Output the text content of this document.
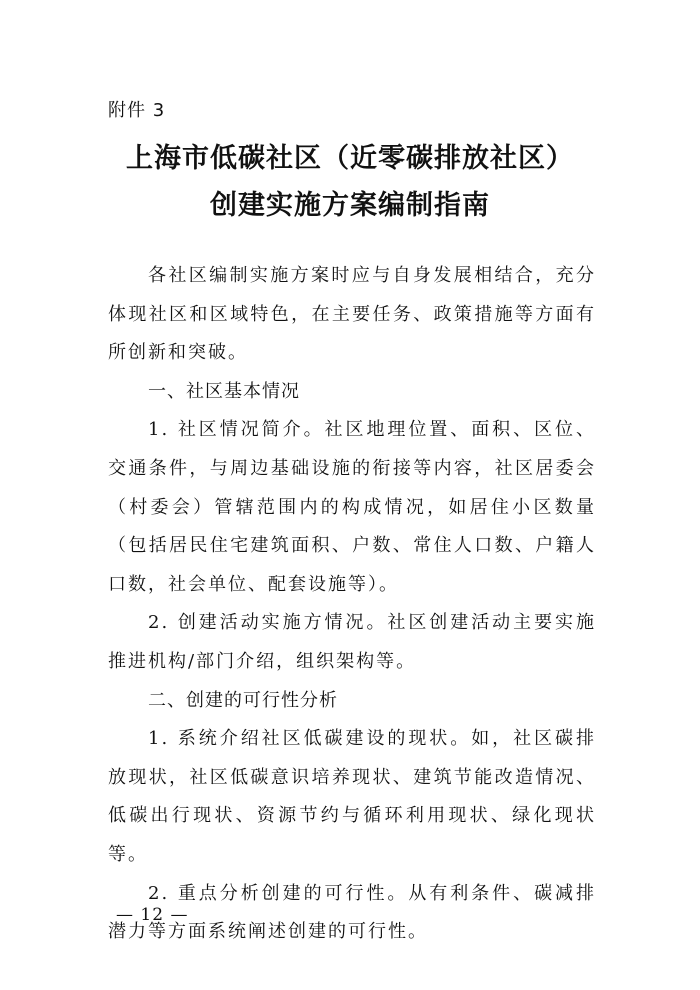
附件 3
上海市低碳社区（近零碳排放社区）
创建实施方案编制指南

各社区编制实施方案时应与自身发展相结合，充分体现社区和区域特色，在主要任务、政策措施等方面有所创新和突破。

一、社区基本情况

1. 社区情况简介。社区地理位置、面积、区位、交通条件，与周边基础设施的衔接等内容，社区居委会（村委会）管辖范围内的构成情况，如居住小区数量（包括居民住宅建筑面积、户数、常住人口数、户籍人口数，社会单位、配套设施等）。

2. 创建活动实施方情况。社区创建活动主要实施推进机构/部门介绍，组织架构等。

二、创建的可行性分析

1. 系统介绍社区低碳建设的现状。如，社区碳排放现状，社区低碳意识培养现状、建筑节能改造情况、低碳出行现状、资源节约与循环利用现状、绿化现状等。

2. 重点分析创建的可行性。从有利条件、碳减排潜力等方面系统阐述创建的可行性。

— 12 —
